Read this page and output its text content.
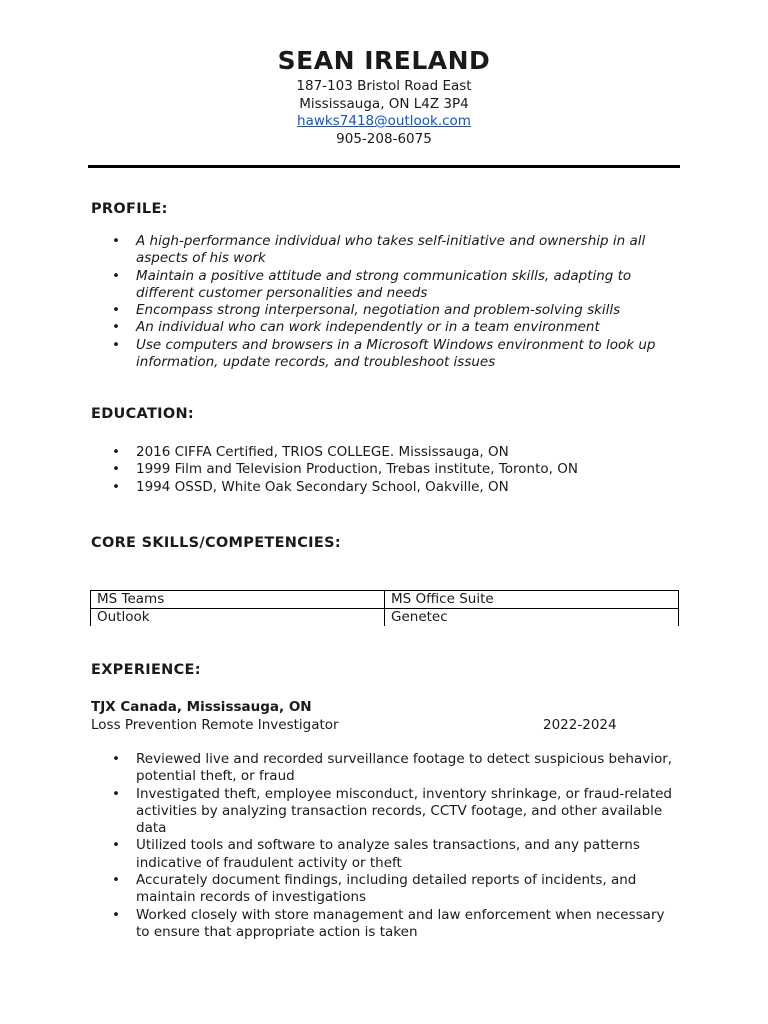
SEAN IRELAND
187-103 Bristol Road East
Mississauga, ON L4Z 3P4
hawks7418@outlook.com
905-208-6075
PROFILE:
• A high-performance individual who takes self-initiative and ownership in all aspects of his work
• Maintain a positive attitude and strong communication skills, adapting to different customer personalities and needs
• Encompass strong interpersonal, negotiation and problem-solving skills
• An individual who can work independently or in a team environment
• Use computers and browsers in a Microsoft Windows environment to look up information, update records, and troubleshoot issues
EDUCATION:
• 2016 CIFFA Certified, TRIOS COLLEGE. Mississauga, ON
• 1999 Film and Television Production, Trebas institute, Toronto, ON
• 1994 OSSD, White Oak Secondary School, Oakville, ON
CORE SKILLS/COMPETENCIES:
MS Teams	MS Office Suite
Outlook	Genetec
EXPERIENCE:
TJX Canada, Mississauga, ON
Loss Prevention Remote Investigator	2022-2024
• Reviewed live and recorded surveillance footage to detect suspicious behavior, potential theft, or fraud
• Investigated theft, employee misconduct, inventory shrinkage, or fraud-related activities by analyzing transaction records, CCTV footage, and other available data
• Utilized tools and software to analyze sales transactions, and any patterns indicative of fraudulent activity or theft
• Accurately document findings, including detailed reports of incidents, and maintain records of investigations
• Worked closely with store management and law enforcement when necessary to ensure that appropriate action is taken
